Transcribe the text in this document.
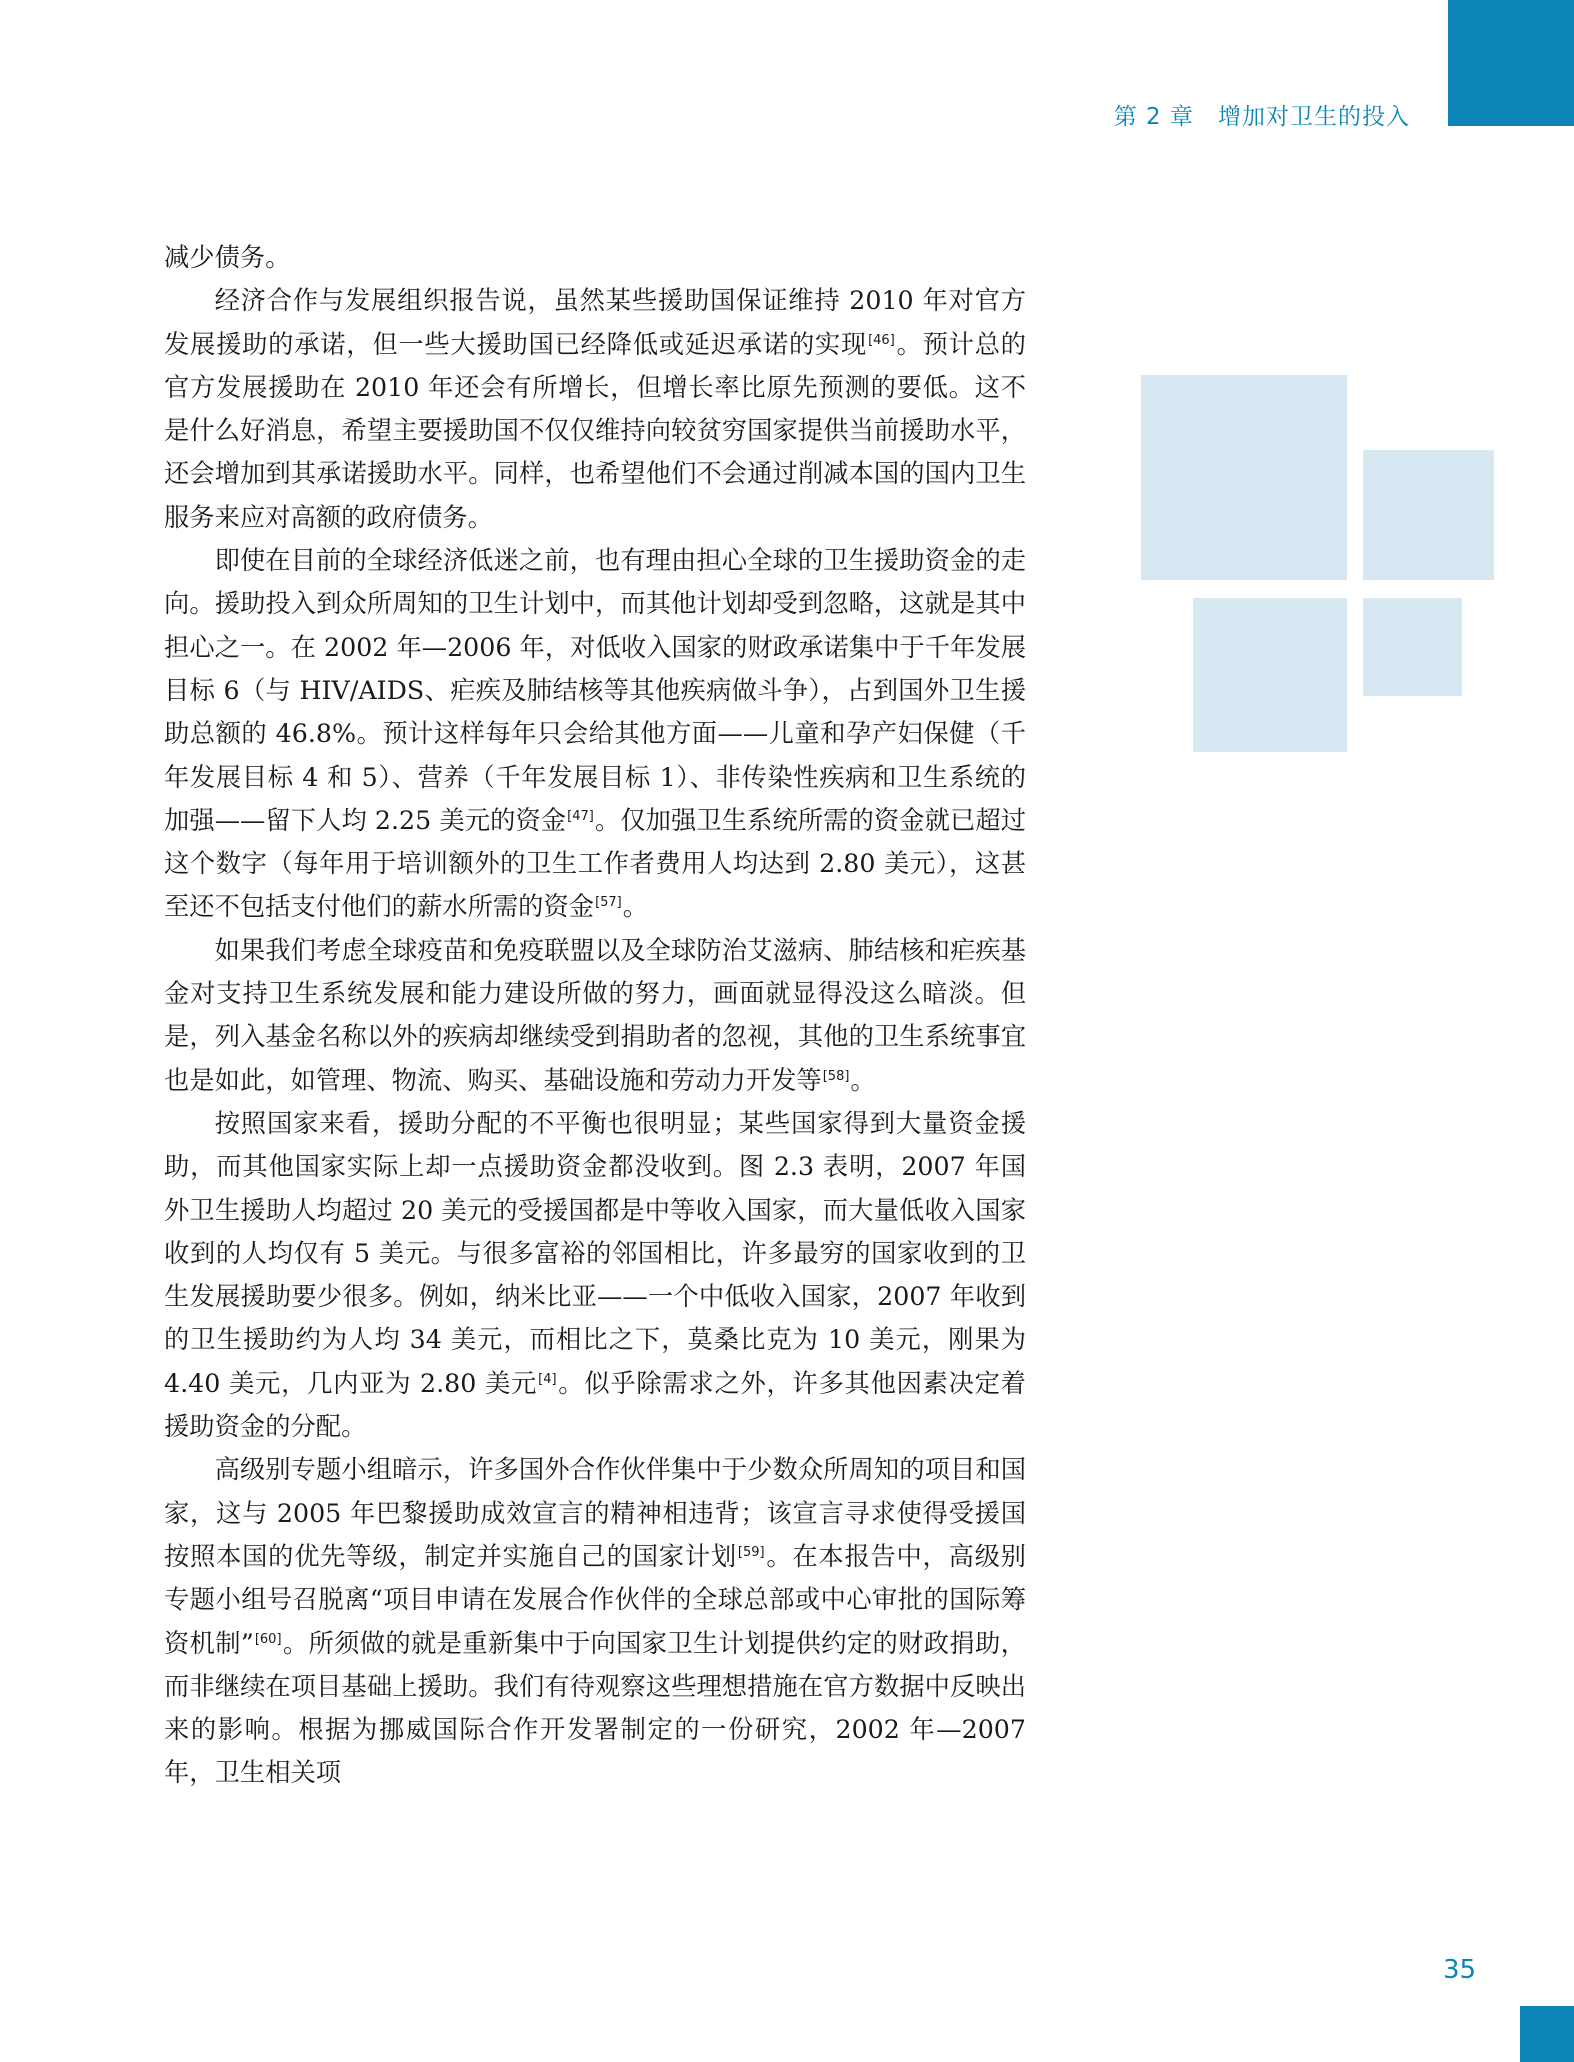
第 2 章 增加对卫生的投入

减少债务。

经济合作与发展组织报告说，虽然某些援助国保证维持 2010 年对官方发展援助的承诺，但一些大援助国已经降低或延迟承诺的实现[46]。预计总的官方发展援助在 2010 年还会有所增长，但增长率比原先预测的要低。这不是什么好消息，希望主要援助国不仅仅维持向较贫穷国家提供当前援助水平，还会增加到其承诺援助水平。同样，也希望他们不会通过削减本国的国内卫生服务来应对高额的政府债务。

即使在目前的全球经济低迷之前，也有理由担心全球的卫生援助资金的走向。援助投入到众所周知的卫生计划中，而其他计划却受到忽略，这就是其中担心之一。在 2002 年—2006 年，对低收入国家的财政承诺集中于千年发展目标 6（与 HIV/AIDS、疟疾及肺结核等其他疾病做斗争），占到国外卫生援助总额的 46.8%。预计这样每年只会给其他方面——儿童和孕产妇保健（千年发展目标 4 和 5）、营养（千年发展目标 1）、非传染性疾病和卫生系统的加强——留下人均 2.25 美元的资金[47]。仅加强卫生系统所需的资金就已超过这个数字（每年用于培训额外的卫生工作者费用人均达到 2.80 美元），这甚至还不包括支付他们的薪水所需的资金[57]。

如果我们考虑全球疫苗和免疫联盟以及全球防治艾滋病、肺结核和疟疾基金对支持卫生系统发展和能力建设所做的努力，画面就显得没这么暗淡。但是，列入基金名称以外的疾病却继续受到捐助者的忽视，其他的卫生系统事宜也是如此，如管理、物流、购买、基础设施和劳动力开发等[58]。

按照国家来看，援助分配的不平衡也很明显；某些国家得到大量资金援助，而其他国家实际上却一点援助资金都没收到。图 2.3 表明，2007 年国外卫生援助人均超过 20 美元的受援国都是中等收入国家，而大量低收入国家收到的人均仅有 5 美元。与很多富裕的邻国相比，许多最穷的国家收到的卫生发展援助要少很多。例如，纳米比亚——一个中低收入国家，2007 年收到的卫生援助约为人均 34 美元，而相比之下，莫桑比克为 10 美元，刚果为 4.40 美元，几内亚为 2.80 美元[4]。似乎除需求之外，许多其他因素决定着援助资金的分配。

高级别专题小组暗示，许多国外合作伙伴集中于少数众所周知的项目和国家，这与 2005 年巴黎援助成效宣言的精神相违背；该宣言寻求使得受援国按照本国的优先等级，制定并实施自己的国家计划[59]。在本报告中，高级别专题小组号召脱离“项目申请在发展合作伙伴的全球总部或中心审批的国际筹资机制”[60]。所须做的就是重新集中于向国家卫生计划提供约定的财政捐助，而非继续在项目基础上援助。我们有待观察这些理想措施在官方数据中反映出来的影响。根据为挪威国际合作开发署制定的一份研究，2002 年—2007 年，卫生相关项

35
